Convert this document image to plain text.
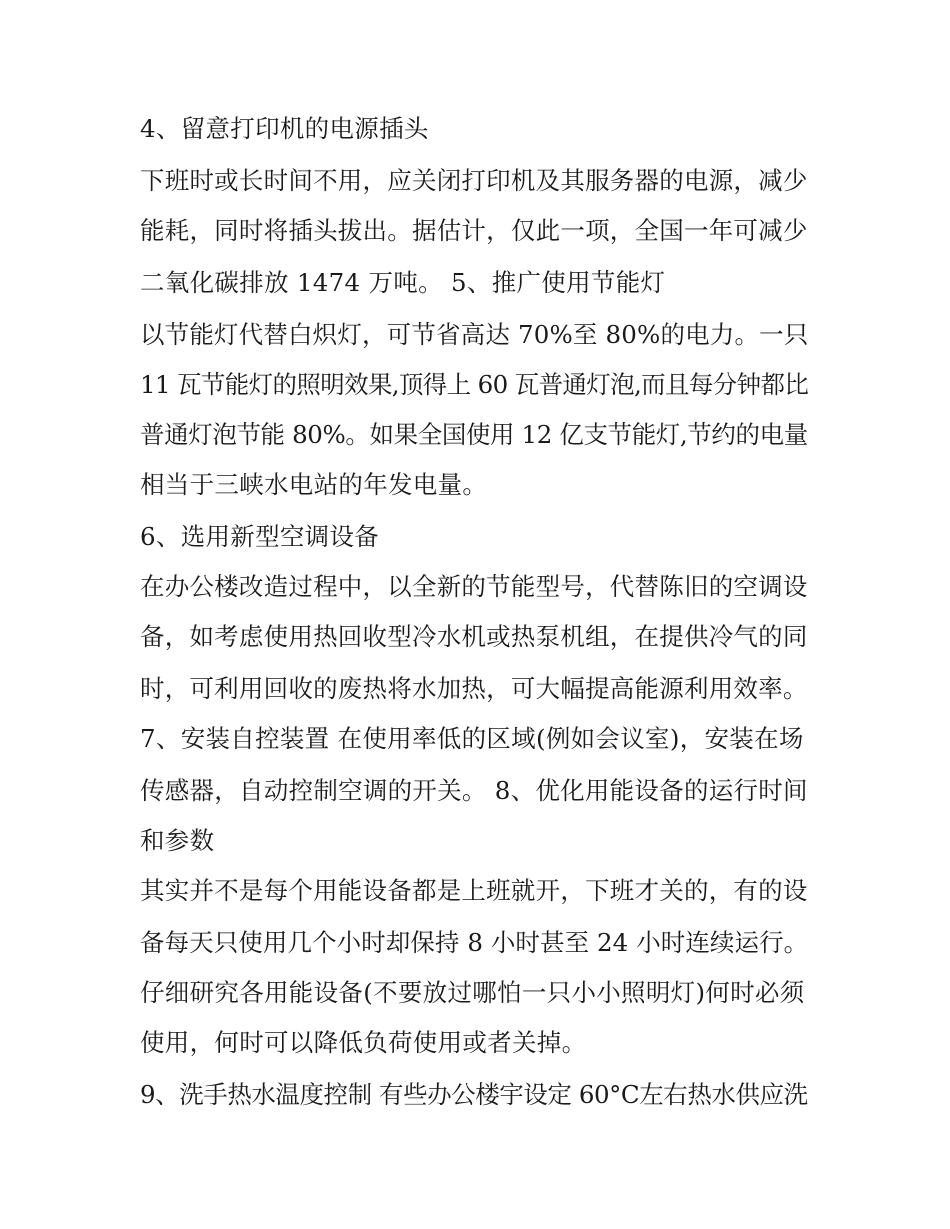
4、留意打印机的电源插头
下班时或长时间不用，应关闭打印机及其服务器的电源，减少
能耗，同时将插头拔出。据估计，仅此一项，全国一年可减少
二氧化碳排放 1474 万吨。 5、推广使用节能灯
以节能灯代替白炽灯，可节省高达 70%至 80%的电力。一只
11 瓦节能灯的照明效果,顶得上 60 瓦普通灯泡,而且每分钟都比
普通灯泡节能 80%。如果全国使用 12 亿支节能灯,节约的电量
相当于三峡水电站的年发电量。
6、选用新型空调设备
在办公楼改造过程中，以全新的节能型号，代替陈旧的空调设
备，如考虑使用热回收型冷水机或热泵机组，在提供冷气的同
时，可利用回收的废热将水加热，可大幅提高能源利用效率。
7、安装自控装置 在使用率低的区域(例如会议室)，安装在场
传感器，自动控制空调的开关。 8、优化用能设备的运行时间
和参数
其实并不是每个用能设备都是上班就开，下班才关的，有的设
备每天只使用几个小时却保持 8 小时甚至 24 小时连续运行。
仔细研究各用能设备(不要放过哪怕一只小小照明灯)何时必须
使用，何时可以降低负荷使用或者关掉。
9、洗手热水温度控制 有些办公楼宇设定 60°C左右热水供应洗
